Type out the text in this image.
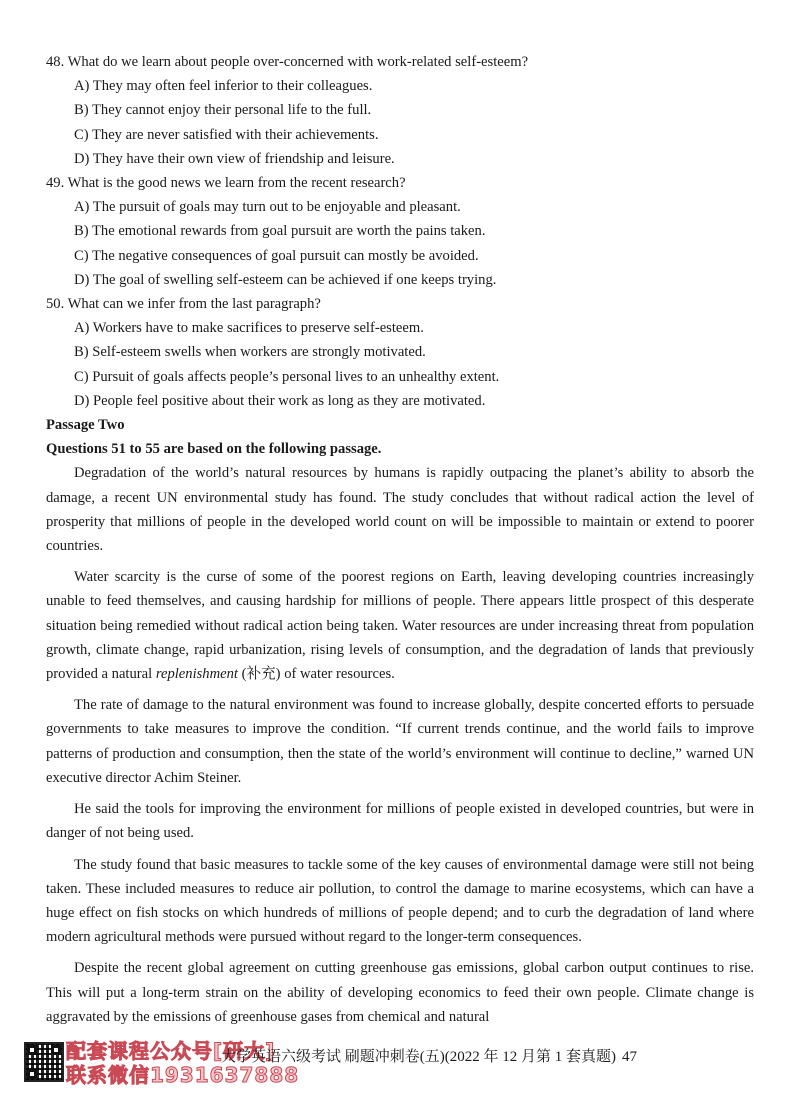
48. What do we learn about people over-concerned with work-related self-esteem?
A) They may often feel inferior to their colleagues.
B) They cannot enjoy their personal life to the full.
C) They are never satisfied with their achievements.
D) They have their own view of friendship and leisure.
49. What is the good news we learn from the recent research?
A) The pursuit of goals may turn out to be enjoyable and pleasant.
B) The emotional rewards from goal pursuit are worth the pains taken.
C) The negative consequences of goal pursuit can mostly be avoided.
D) The goal of swelling self-esteem can be achieved if one keeps trying.
50. What can we infer from the last paragraph?
A) Workers have to make sacrifices to preserve self-esteem.
B) Self-esteem swells when workers are strongly motivated.
C) Pursuit of goals affects people’s personal lives to an unhealthy extent.
D) People feel positive about their work as long as they are motivated.
Passage Two
Questions 51 to 55 are based on the following passage.

Degradation of the world’s natural resources by humans is rapidly outpacing the planet’s ability to absorb the damage, a recent UN environmental study has found. The study concludes that without radical action the level of prosperity that millions of people in the developed world count on will be impossible to maintain or extend to poorer countries.

Water scarcity is the curse of some of the poorest regions on Earth, leaving developing countries increasingly unable to feed themselves, and causing hardship for millions of people. There appears little prospect of this desperate situation being remedied without radical action being taken. Water resources are under increasing threat from population growth, climate change, rapid urbanization, rising levels of consumption, and the degradation of lands that previously provided a natural replenishment (补充) of water resources.

The rate of damage to the natural environment was found to increase globally, despite concerted efforts to persuade governments to take measures to improve the condition. “If current trends continue, and the world fails to improve patterns of production and consumption, then the state of the world’s environment will continue to decline,” warned UN executive director Achim Steiner.

He said the tools for improving the environment for millions of people existed in developed countries, but were in danger of not being used.

The study found that basic measures to tackle some of the key causes of environmental damage were still not being taken. These included measures to reduce air pollution, to control the damage to marine ecosystems, which can have a huge effect on fish stocks on which hundreds of millions of people depend; and to curb the degradation of land where modern agricultural methods were pursued without regard to the longer-term consequences.

Despite the recent global agreement on cutting greenhouse gas emissions, global carbon output continues to rise. This will put a long-term strain on the ability of developing economics to feed their own people. Climate change is aggravated by the emissions of greenhouse gases from chemical and natural

配套课程公众号[研大]
联系微信1931637888
大学英语六级考试 刷题冲刺卷(五)(2022 年 12 月第 1 套真题) 47
